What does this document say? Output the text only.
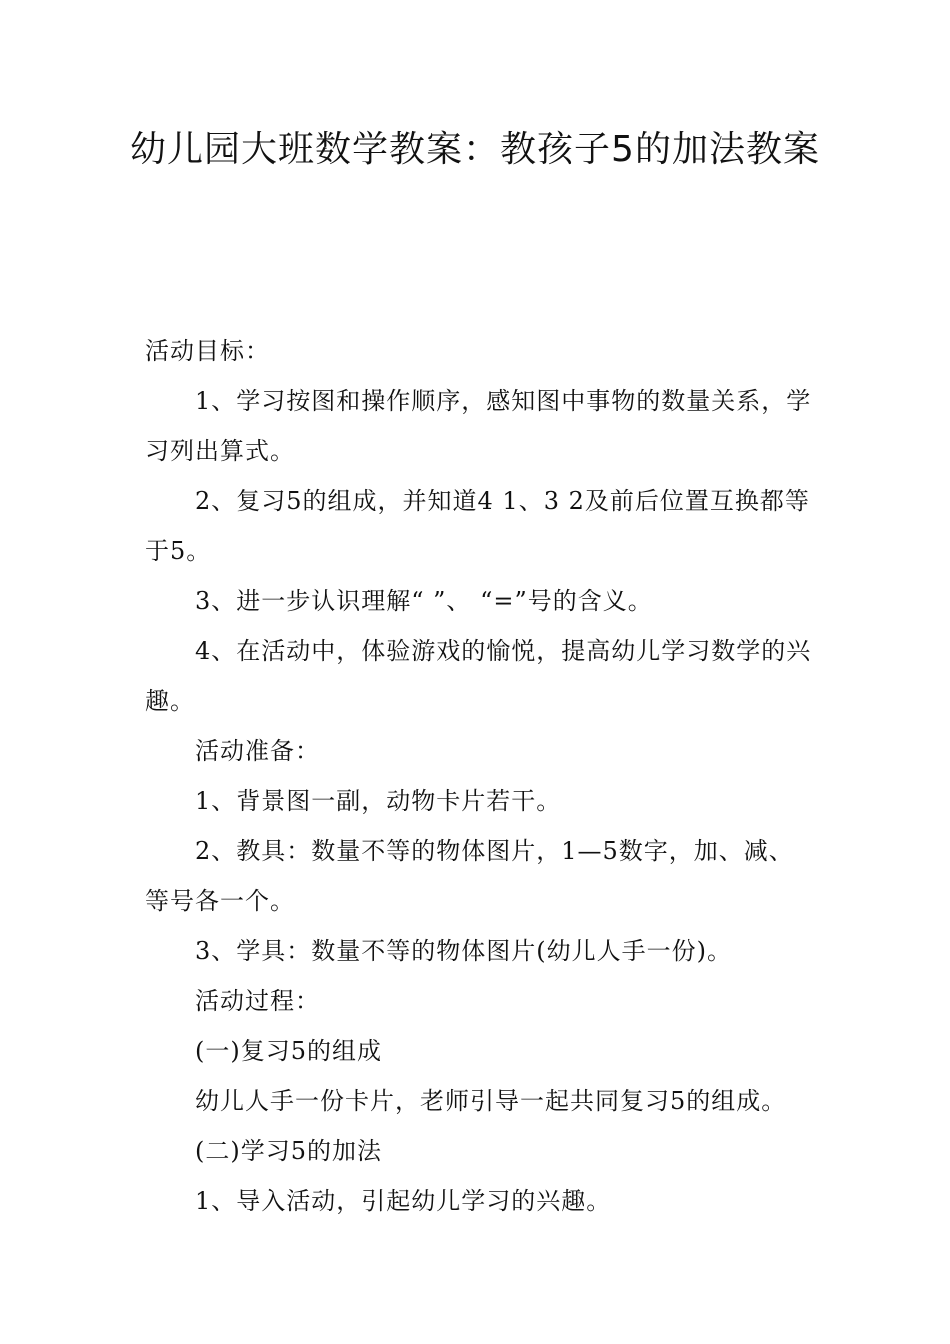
幼儿园大班数学教案：教孩子5的加法教案

活动目标：

1、学习按图和操作顺序，感知图中事物的数量关系，学习列出算式。

2、复习5的组成，并知道4 1、3 2及前后位置互换都等于5。

3、进一步认识理解“ ”、 “=”号的含义。

4、在活动中，体验游戏的愉悦，提高幼儿学习数学的兴趣。

活动准备：

1、背景图一副，动物卡片若干。

2、教具：数量不等的物体图片，1—5数字，加、减、等号各一个。

3、学具：数量不等的物体图片(幼儿人手一份)。

活动过程：

(一)复习5的组成

幼儿人手一份卡片，老师引导一起共同复习5的组成。

(二)学习5的加法

1、导入活动，引起幼儿学习的兴趣。
